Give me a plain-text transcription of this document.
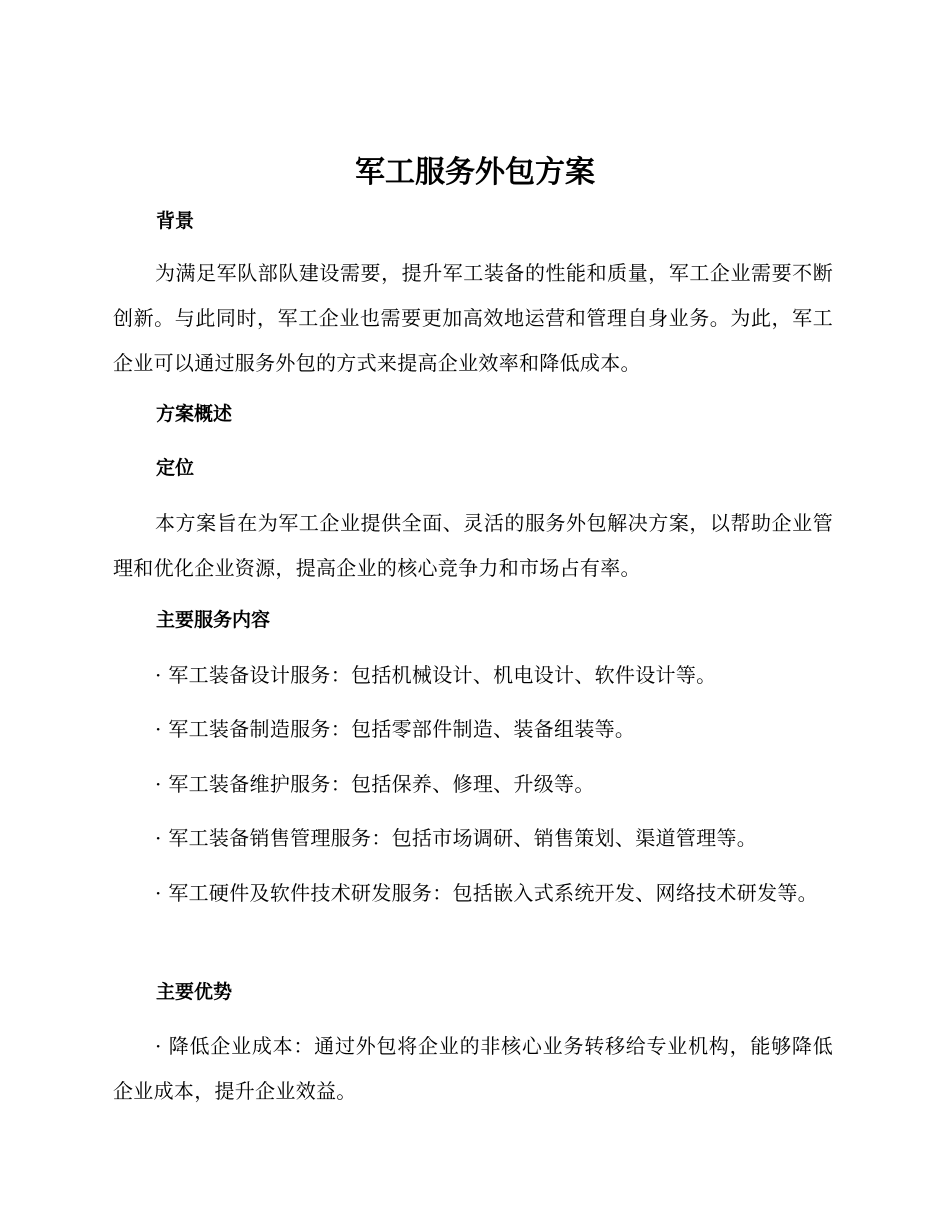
军工服务外包方案
背景

为满足军队部队建设需要，提升军工装备的性能和质量，军工企业需要不断创新。与此同时，军工企业也需要更加高效地运营和管理自身业务。为此，军工企业可以通过服务外包的方式来提高企业效率和降低成本。

方案概述
定位

本方案旨在为军工企业提供全面、灵活的服务外包解决方案，以帮助企业管理和优化企业资源，提高企业的核心竞争力和市场占有率。

主要服务内容

· 军工装备设计服务：包括机械设计、机电设计、软件设计等。

· 军工装备制造服务：包括零部件制造、装备组装等。

· 军工装备维护服务：包括保养、修理、升级等。

· 军工装备销售管理服务：包括市场调研、销售策划、渠道管理等。

· 军工硬件及软件技术研发服务：包括嵌入式系统开发、网络技术研发等。

主要优势

· 降低企业成本：通过外包将企业的非核心业务转移给专业机构，能够降低企业成本，提升企业效益。
